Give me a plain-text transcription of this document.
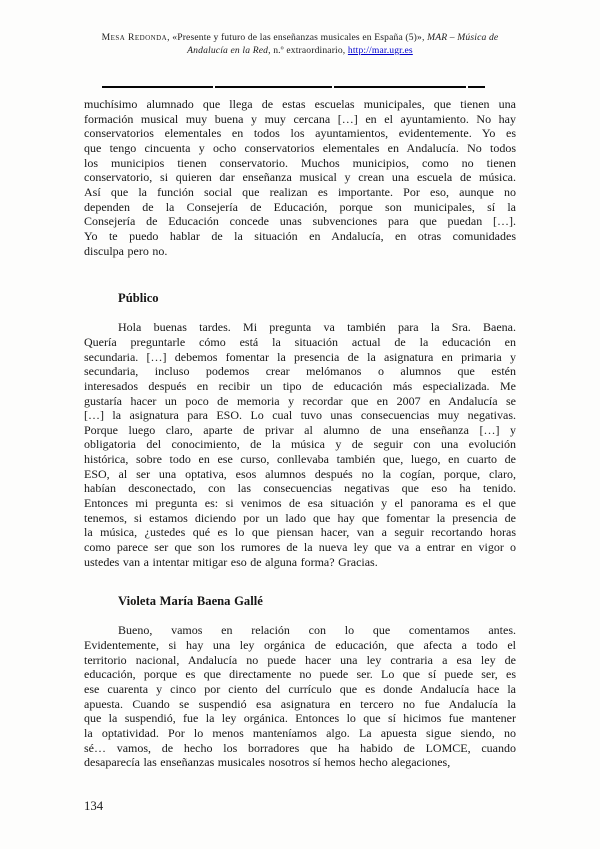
Mesa Redonda, «Presente y futuro de las enseñanzas musicales en España (5)», MAR – Música de
Andalucía en la Red, n.º extraordinario, http://mar.ugr.es
muchísimo alumnado que llega de estas escuelas municipales, que tienen una
formación musical muy buena y muy cercana […] en el ayuntamiento. No hay
conservatorios elementales en todos los ayuntamientos, evidentemente. Yo es
que tengo cincuenta y ocho conservatorios elementales en Andalucía. No todos
los municipios tienen conservatorio. Muchos municipios, como no tienen
conservatorio, si quieren dar enseñanza musical y crean una escuela de música.
Así que la función social que realizan es importante. Por eso, aunque no
dependen de la Consejería de Educación, porque son municipales, sí la
Consejería de Educación concede unas subvenciones para que puedan […].
Yo te puedo hablar de la situación en Andalucía, en otras comunidades
disculpa pero no.
Público
Hola buenas tardes. Mi pregunta va también para la Sra. Baena.
Quería preguntarle cómo está la situación actual de la educación en
secundaria. […] debemos fomentar la presencia de la asignatura en primaria y
secundaria, incluso podemos crear melómanos o alumnos que estén
interesados después en recibir un tipo de educación más especializada. Me
gustaría hacer un poco de memoria y recordar que en 2007 en Andalucía se
[…] la asignatura para ESO. Lo cual tuvo unas consecuencias muy negativas.
Porque luego claro, aparte de privar al alumno de una enseñanza […] y
obligatoria del conocimiento, de la música y de seguir con una evolución
histórica, sobre todo en ese curso, conllevaba también que, luego, en cuarto de
ESO, al ser una optativa, esos alumnos después no la cogían, porque, claro,
habían desconectado, con las consecuencias negativas que eso ha tenido.
Entonces mi pregunta es: si venimos de esa situación y el panorama es el que
tenemos, si estamos diciendo por un lado que hay que fomentar la presencia de
la música, ¿ustedes qué es lo que piensan hacer, van a seguir recortando horas
como parece ser que son los rumores de la nueva ley que va a entrar en vigor o
ustedes van a intentar mitigar eso de alguna forma? Gracias.
Violeta María Baena Gallé
Bueno, vamos en relación con lo que comentamos antes.
Evidentemente, si hay una ley orgánica de educación, que afecta a todo el
territorio nacional, Andalucía no puede hacer una ley contraria a esa ley de
educación, porque es que directamente no puede ser. Lo que sí puede ser, es
ese cuarenta y cinco por ciento del currículo que es donde Andalucía hace la
apuesta. Cuando se suspendió esa asignatura en tercero no fue Andalucía la
que la suspendió, fue la ley orgánica. Entonces lo que sí hicimos fue mantener
la optatividad. Por lo menos manteníamos algo. La apuesta sigue siendo, no
sé… vamos, de hecho los borradores que ha habido de LOMCE, cuando
desaparecía las enseñanzas musicales nosotros sí hemos hecho alegaciones,
134
